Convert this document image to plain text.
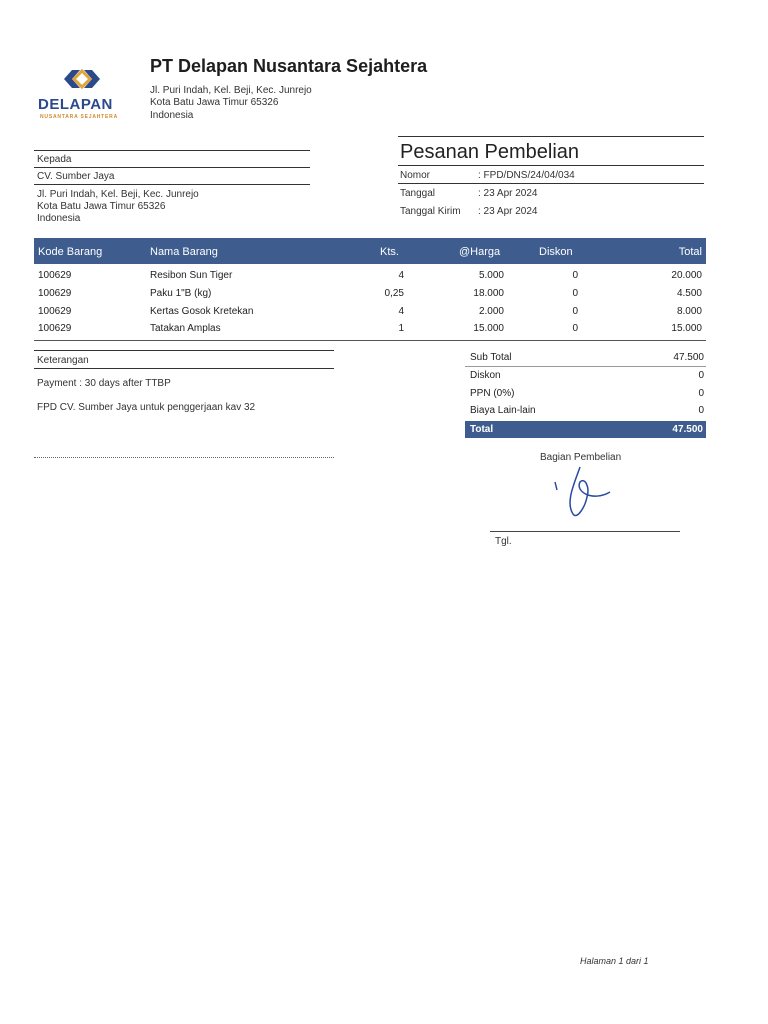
DELAPAN
NUSANTARA SEJAHTERA
PT Delapan Nusantara Sejahtera
Jl. Puri Indah, Kel. Beji, Kec. Junrejo
Kota Batu Jawa Timur 65326
Indonesia
Kepada
CV. Sumber Jaya
Jl. Puri Indah, Kel. Beji, Kec. Junrejo
Kota Batu Jawa Timur 65326
Indonesia
Pesanan Pembelian
Nomor	: FPD/DNS/24/04/034
Tanggal	: 23 Apr 2024
Tanggal Kirim : 23 Apr 2024
Kode Barang	Nama Barang	Kts.	@Harga	Diskon	Total
100629	Resibon Sun Tiger	4	5.000	0	20.000
100629	Paku 1"B (kg)	0,25	18.000	0	4.500
100629	Kertas Gosok Kretekan	4	2.000	0	8.000
100629	Tatakan Amplas	1	15.000	0	15.000
Keterangan
Payment : 30 days after TTBP
FPD CV. Sumber Jaya untuk penggerjaan kav 32
Sub Total	47.500
Diskon	0
PPN (0%)	0
Biaya Lain-lain	0
Total	47.500
Bagian Pembelian
Tgl.
Halaman 1 dari 1
